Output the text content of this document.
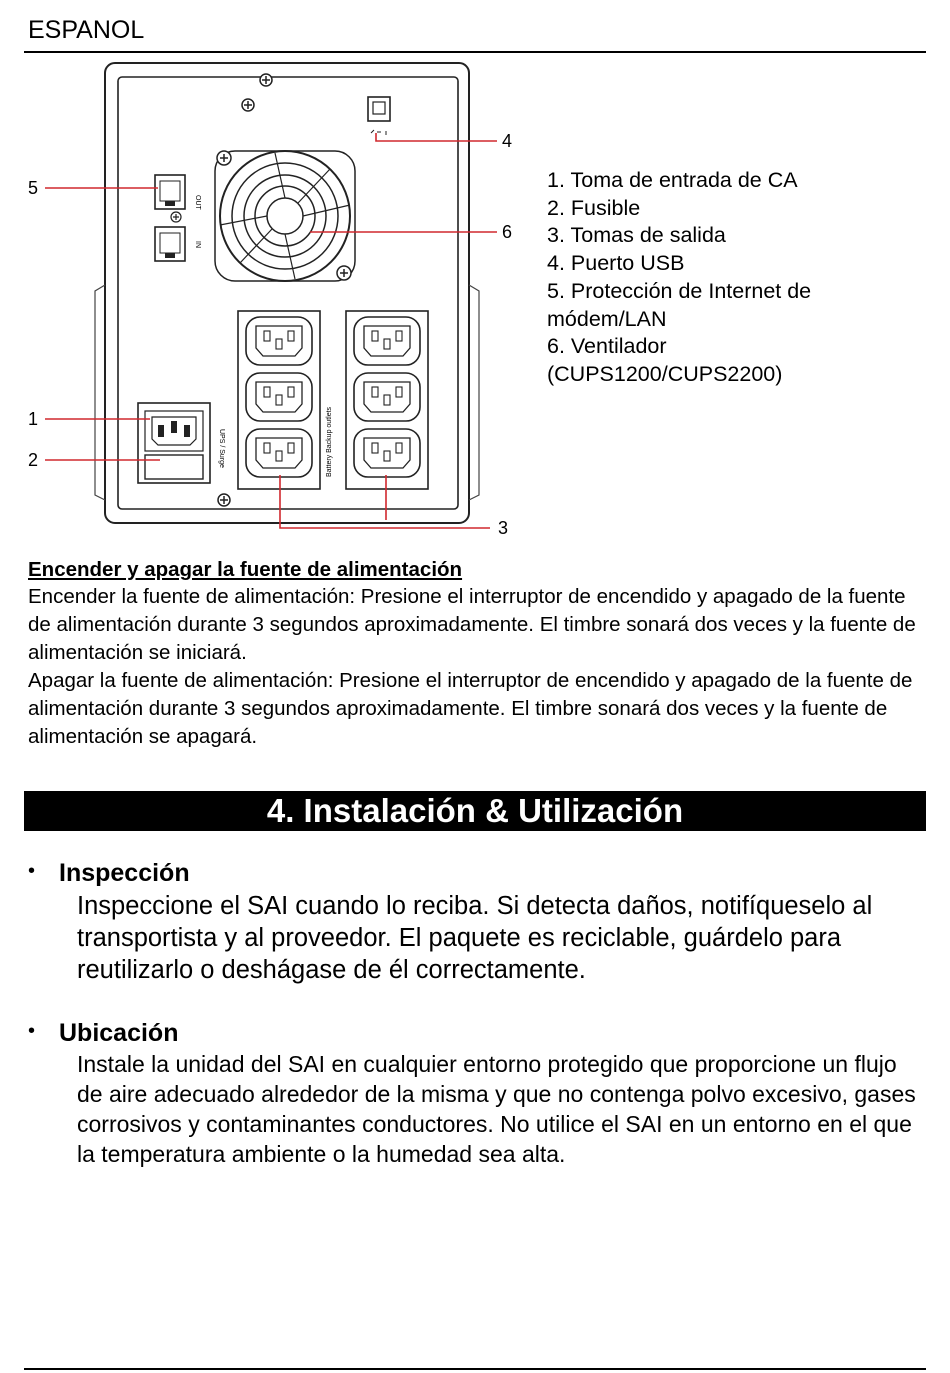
ESPANOL
OUT
IN
UPS / Surge	Battery Backup outlets
4
5
6
1
2
3
1. Toma de entrada de CA
2. Fusible
3. Tomas de salida
4. Puerto USB
5. Protección de Internet de
módem/LAN
6. Ventilador
(CUPS1200/CUPS2200)
Encender y apagar la fuente de alimentación

Encender la fuente de alimentación: Presione el interruptor de encendido y apagado de la fuente de alimentación durante 3 segundos aproximadamente. El timbre sonará dos veces y la fuente de alimentación se iniciará.

Apagar la fuente de alimentación: Presione el interruptor de encendido y apagado de la fuente de alimentación durante 3 segundos aproximadamente. El timbre sonará dos veces y la fuente de alimentación se apagará.

4. Instalación & Utilización
• Inspección

Inspeccione el SAI cuando lo reciba. Si detecta daños, notifíqueselo al transportista y al proveedor. El paquete es reciclable, guárdelo para reutilizarlo o deshágase de él correctamente.

• Ubicación

Instale la unidad del SAI en cualquier entorno protegido que proporcione un flujo de aire adecuado alrededor de la misma y que no contenga polvo excesivo, gases corrosivos y contaminantes conductores. No utilice el SAI en un entorno en el que la temperatura ambiente o la humedad sea alta.
